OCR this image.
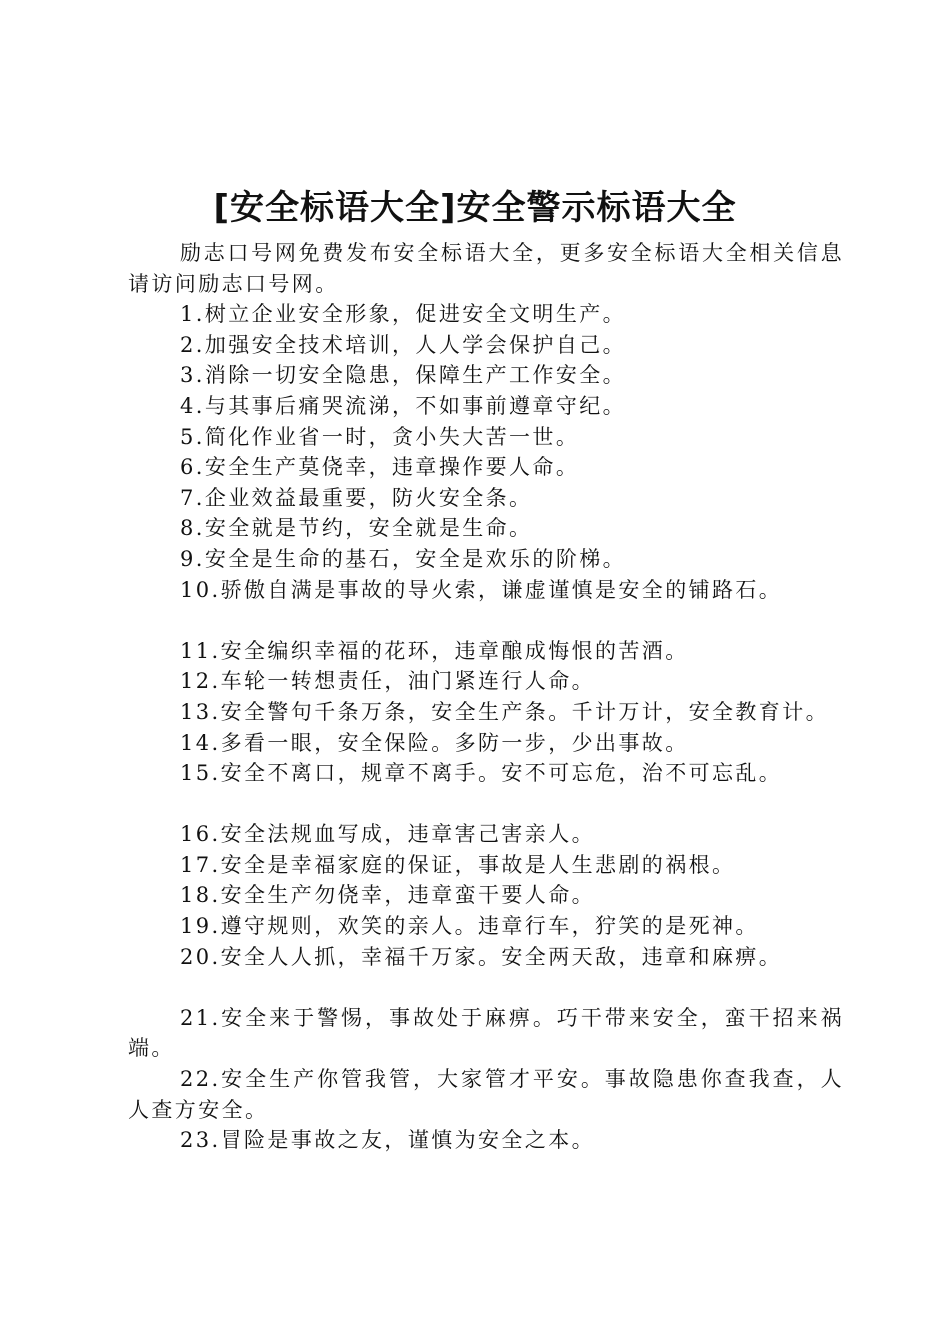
[安全标语大全]安全警示标语大全

励志口号网免费发布安全标语大全，更多安全标语大全相关信息请访问励志口号网。

1.树立企业安全形象，促进安全文明生产。

2.加强安全技术培训，人人学会保护自己。

3.消除一切安全隐患，保障生产工作安全。

4.与其事后痛哭流涕，不如事前遵章守纪。

5.简化作业省一时，贪小失大苦一世。

6.安全生产莫侥幸，违章操作要人命。

7.企业效益最重要，防火安全条。

8.安全就是节约，安全就是生命。

9.安全是生命的基石，安全是欢乐的阶梯。

10.骄傲自满是事故的导火索，谦虚谨慎是安全的铺路石。

11.安全编织幸福的花环，违章酿成悔恨的苦酒。

12.车轮一转想责任，油门紧连行人命。

13.安全警句千条万条，安全生产条。千计万计，安全教育计。

14.多看一眼，安全保险。多防一步，少出事故。

15.安全不离口，规章不离手。安不可忘危，治不可忘乱。

16.安全法规血写成，违章害己害亲人。

17.安全是幸福家庭的保证，事故是人生悲剧的祸根。

18.安全生产勿侥幸，违章蛮干要人命。

19.遵守规则，欢笑的亲人。违章行车，狞笑的是死神。

20.安全人人抓，幸福千万家。安全两天敌，违章和麻痹。

21.安全来于警惕，事故处于麻痹。巧干带来安全，蛮干招来祸端。

22.安全生产你管我管，大家管才平安。事故隐患你查我查，人人查方安全。

23.冒险是事故之友，谨慎为安全之本。
